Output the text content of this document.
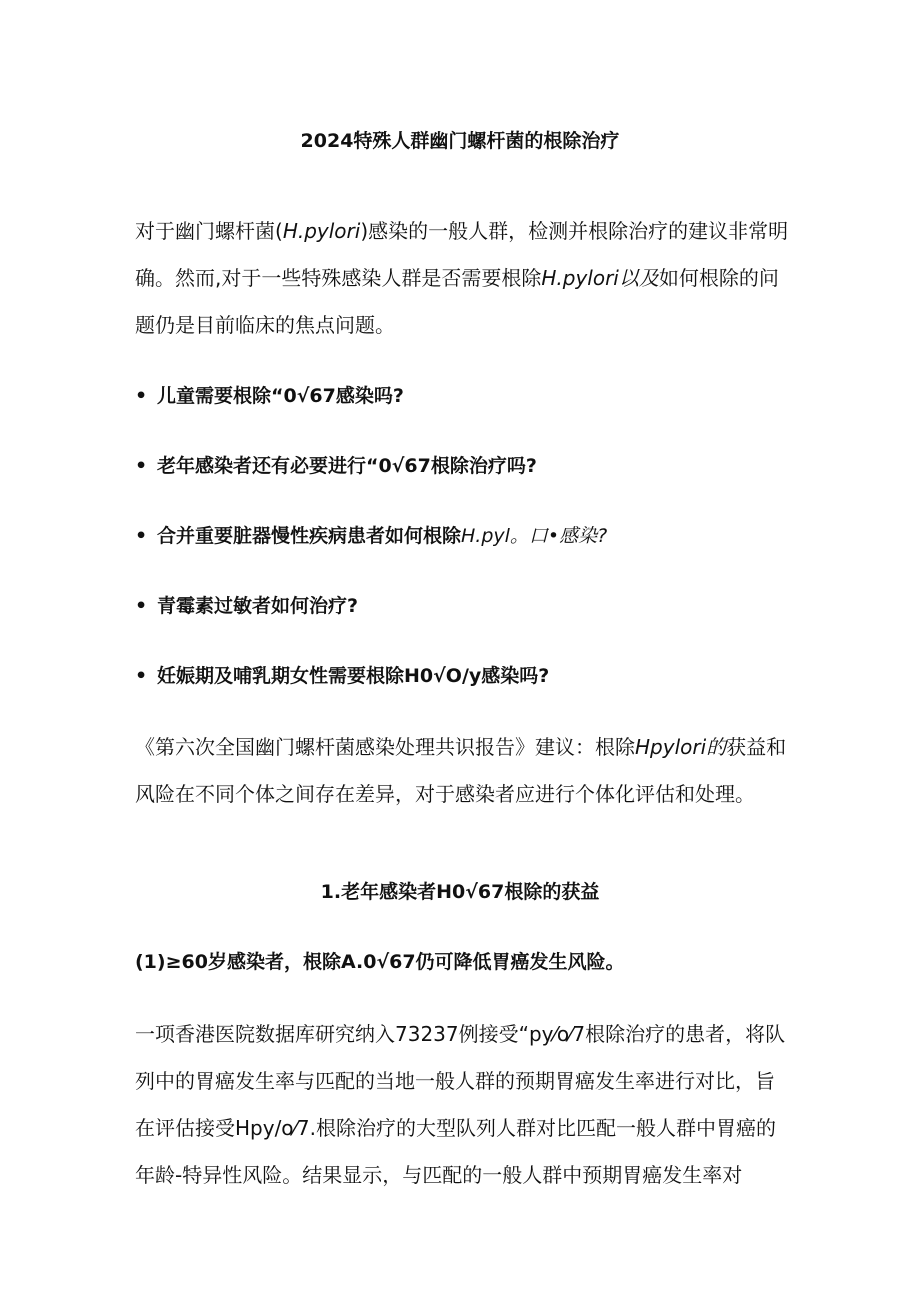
2024特殊人群幽门螺杆菌的根除治疗

对于幽门螺杆菌(H.pylori)感染的一般人群，检测并根除治疗的建议非常明确。然而,对于一些特殊感染人群是否需要根除H.pylori以及如何根除的问题仍是目前临床的焦点问题。

• 儿童需要根除“0√67感染吗?
• 老年感染者还有必要进行“0√67根除治疗吗?
• 合并重要脏器慢性疾病患者如何根除H.pyl。口•感染?
• 青霉素过敏者如何治疗?
• 妊娠期及哺乳期女性需要根除H0√O/y感染吗?

《第六次全国幽门螺杆菌感染处理共识报告》建议：根除Hpylori的获益和风险在不同个体之间存在差异，对于感染者应进行个体化评估和处理。

1.老年感染者H0√67根除的获益
(1)≥60岁感染者，根除A.0√67仍可降低胃癌发生风险。

一项香港医院数据库研究纳入73237例接受“py⁄o⁄7根除治疗的患者，将队列中的胃癌发生率与匹配的当地一般人群的预期胃癌发生率进行对比，旨在评估接受Hpy/o⁄7.根除治疗的大型队列人群对比匹配一般人群中胃癌的年龄-特异性风险。结果显示，与匹配的一般人群中预期胃癌发生率对
